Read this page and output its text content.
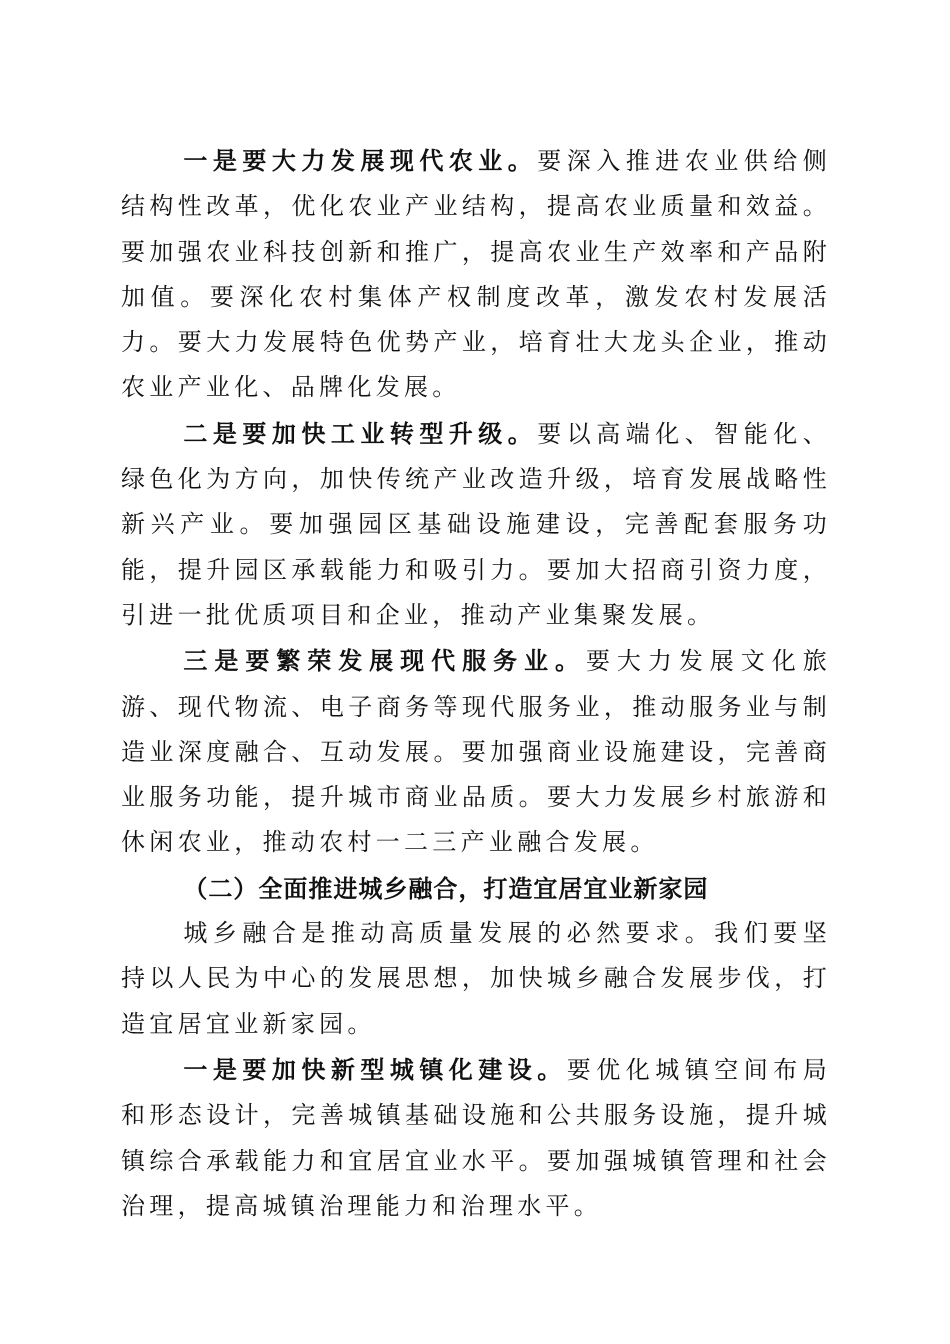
一是要大力发展现代农业。要深入推进农业供给侧结构性改革，优化农业产业结构，提高农业质量和效益。要加强农业科技创新和推广，提高农业生产效率和产品附加值。要深化农村集体产权制度改革，激发农村发展活力。要大力发展特色优势产业，培育壮大龙头企业，推动农业产业化、品牌化发展。

二是要加快工业转型升级。要以高端化、智能化、绿色化为方向，加快传统产业改造升级，培育发展战略性新兴产业。要加强园区基础设施建设，完善配套服务功能，提升园区承载能力和吸引力。要加大招商引资力度，引进一批优质项目和企业，推动产业集聚发展。

三是要繁荣发展现代服务业。要大力发展文化旅游、现代物流、电子商务等现代服务业，推动服务业与制造业深度融合、互动发展。要加强商业设施建设，完善商业服务功能，提升城市商业品质。要大力发展乡村旅游和休闲农业，推动农村一二三产业融合发展。

（二）全面推进城乡融合，打造宜居宜业新家园

城乡融合是推动高质量发展的必然要求。我们要坚持以人民为中心的发展思想，加快城乡融合发展步伐，打造宜居宜业新家园。

一是要加快新型城镇化建设。要优化城镇空间布局和形态设计，完善城镇基础设施和公共服务设施，提升城镇综合承载能力和宜居宜业水平。要加强城镇管理和社会治理，提高城镇治理能力和治理水平。
